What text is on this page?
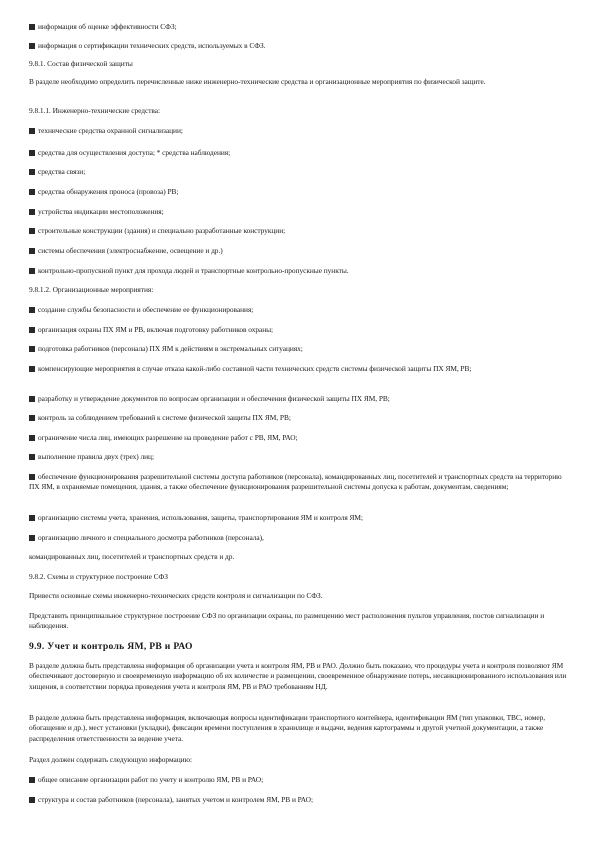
информация об оценке эффективности СФЗ;

информация о сертификации технических средств, используемых в СФЗ.

9.8.1. Состав физической защиты

В разделе необходимо определить перечисленные ниже инженерно-технические средства и организационные мероприятия по физической защите.

9.8.1.1. Инженерно-технические средства:

технические средства охранной сигнализации;

средства для осуществления доступа; * средства наблюдения;

средства связи;

средства обнаружения проноса (провоза) РВ;

устройства индикации местоположения;

строительные конструкции (здания) и специально разработанные конструкции;

системы обеспечения (электроснабжение, освещение и др.)

контрольно-пропускной пункт для прохода людей и транспортные контрольно-пропускные пункты.

9.8.1.2. Организационные мероприятия:

создание службы безопасности и обеспечение ее функционирования;

организация охраны ПХ ЯМ и РВ, включая подготовку работников охраны;

подготовка работников (персонала) ПХ ЯМ к действиям в экстремальных ситуациях;

компенсирующие мероприятия в случае отказа какой-либо составной части технических средств системы физической защиты ПХ ЯМ, РВ;

разработку и утверждение документов по вопросам организации и обеспечения физической защиты ПХ ЯМ, РВ;

контроль за соблюдением требований к системе физической защиты ПХ ЯМ, РВ;

ограничение числа лиц, имеющих разрешение на проведение работ с РВ, ЯМ, РАО;

выполнение правила двух (трех) лиц;

обеспечение функционирования разрешительной системы доступа работников (персонала), командированных лиц, посетителей и транспортных средств на территорию ПХ ЯМ, в охраняемые помещения, здания, а также обеспечение функционирования разрешительной системы допуска к работам, документам, сведениям;

организацию системы учета, хранения, использования, защиты, транспортирования ЯМ и контроля ЯМ;

организацию личного и специального досмотра работников (персонала),

командированных лиц, посетителей и транспортных средств и др.

9.8.2. Схемы и структурное построение СФЗ

Привести основные схемы инженерно-технических средств контроля и сигнализации по СФЗ.

Представить принципиальное структурное построение СФЗ по организации охраны, по размещению мест расположения пультов управления, постов сигнализации и наблюдения.

9.9. Учет и контроль ЯМ, РВ и РАО

В разделе должна быть представлена информация об организации учета и контроля ЯМ, РВ и РАО. Должно быть показано, что процедуры учета и контроля позволяют ЯМ обеспечивают достоверную и своевременную информацию об их количестве и размещении, своевременное обнаружение потерь, несанкционированного использования или хищения, в соответствии порядка проведения учета и контроля ЯМ, РВ и РАО требованиям НД.

В разделе должна быть представлена информация, включающая вопросы идентификации транспортного контейнера, идентификации ЯМ (тип упаковки, ТВС, номер, обогащение и др.), мест установки (укладки), фиксации времени поступления в хранилище и выдачи, ведения картограммы и другой учетной документации, а также распределения ответственности за ведение учета.

Раздел должен содержать следующую информацию:

общее описание организации работ по учету и контролю ЯМ, РВ и РАО;

структура и состав работников (персонала), занятых учетом и контролем ЯМ, РВ и РАО;
